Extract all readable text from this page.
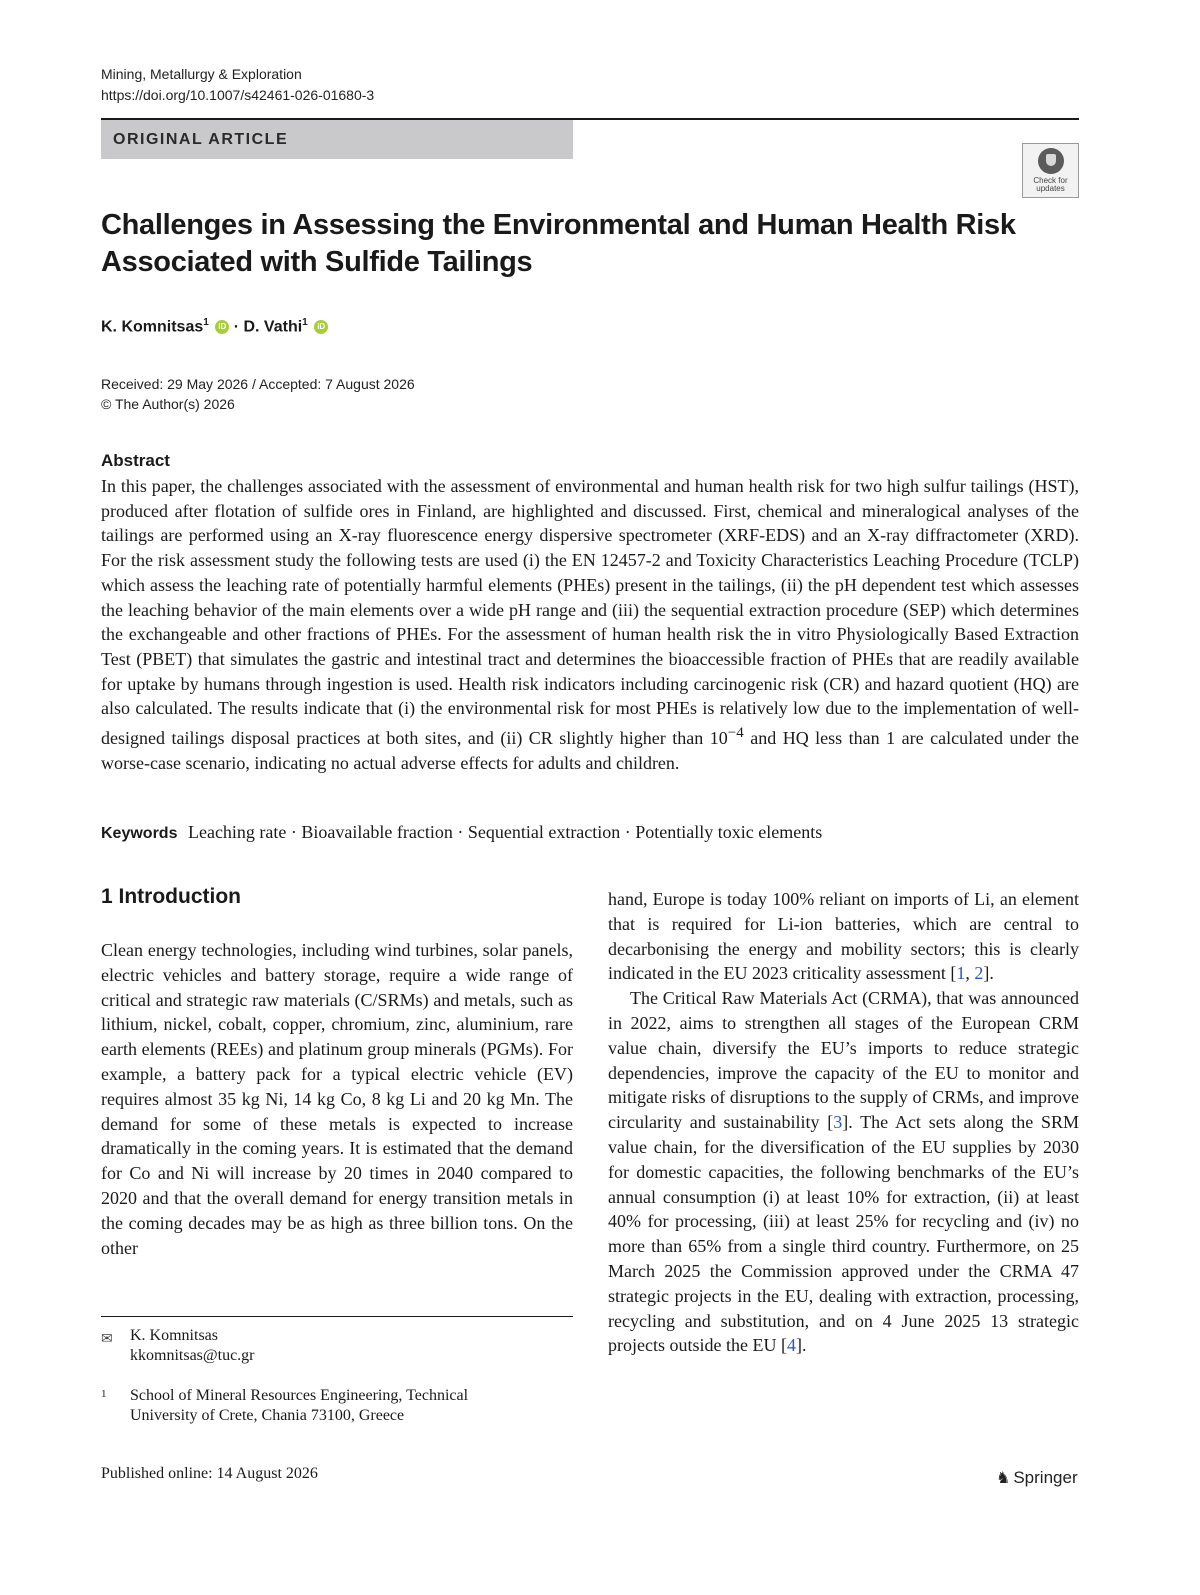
Mining, Metallurgy & Exploration
https://doi.org/10.1007/s42461-026-01680-3
ORIGINAL ARTICLE
Check for
updates
Challenges in Assessing the Environmental and Human Health Risk Associated with Sulfide Tailings
K. Komnitsas$^1$ iD · D. Vathi$^1$ iD
Received: 29 May 2026 / Accepted: 7 August 2026
© The Author(s) 2026
Abstract
In this paper, the challenges associated with the assessment of environmental and human health risk for two high sulfur tailings (HST), produced after flotation of sulfide ores in Finland, are highlighted and discussed. First, chemical and mineralogical analyses of the tailings are performed using an X-ray fluorescence energy dispersive spectrometer (XRF-EDS) and an X-ray diffractometer (XRD). For the risk assessment study the following tests are used (i) the EN 12457-2 and Toxicity Characteristics Leaching Procedure (TCLP) which assess the leaching rate of potentially harmful elements (PHEs) present in the tailings, (ii) the pH dependent test which assesses the leaching behavior of the main elements over a wide pH range and (iii) the sequential extraction procedure (SEP) which determines the exchangeable and other fractions of PHEs. For the assessment of human health risk the in vitro Physiologically Based Extraction Test (PBET) that simulates the gastric and intestinal tract and determines the bioaccessible fraction of PHEs that are readily available for uptake by humans through ingestion is used. Health risk indicators including carcinogenic risk (CR) and hazard quotient (HQ) are also calculated. The results indicate that (i) the environmental risk for most PHEs is relatively low due to the implementation of well-designed tailings disposal practices at both sites, and (ii) CR slightly higher than $10^{-4}$ and HQ less than 1 are calculated under the worse-case scenario, indicating no actual adverse effects for adults and children.
Keywords Leaching rate · Bioavailable fraction · Sequential extraction · Potentially toxic elements
1 Introduction

Clean energy technologies, including wind turbines, solar panels, electric vehicles and battery storage, require a wide range of critical and strategic raw materials (C/SRMs) and metals, such as lithium, nickel, cobalt, copper, chromium, zinc, aluminium, rare earth elements (REEs) and platinum group minerals (PGMs). For example, a battery pack for a typical electric vehicle (EV) requires almost 35 kg Ni, 14 kg Co, 8 kg Li and 20 kg Mn. The demand for some of these metals is expected to increase dramatically in the coming years. It is estimated that the demand for Co and Ni will increase by 20 times in 2040 compared to 2020 and that the overall demand for energy transition metals in the coming decades may be as high as three billion tons. On the other

hand, Europe is today 100% reliant on imports of Li, an element that is required for Li-ion batteries, which are central to decarbonising the energy and mobility sectors; this is clearly indicated in the EU 2023 criticality assessment [1, 2].

The Critical Raw Materials Act (CRMA), that was announced in 2022, aims to strengthen all stages of the European CRM value chain, diversify the EU’s imports to reduce strategic dependencies, improve the capacity of the EU to monitor and mitigate risks of disruptions to the supply of CRMs, and improve circularity and sustainability [3]. The Act sets along the SRM value chain, for the diversification of the EU supplies by 2030 for domestic capacities, the following benchmarks of the EU’s annual consumption (i) at least 10% for extraction, (ii) at least 40% for processing, (iii) at least 25% for recycling and (iv) no more than 65% from a single third country. Furthermore, on 25 March 2025 the Commission approved under the CRMA 47 strategic projects in the EU, dealing with extraction, processing, recycling and substitution, and on 4 June 2025 13 strategic projects outside the EU [4].

✉ K. Komnitsas
kkomnitsas@tuc.gr
1 School of Mineral Resources Engineering, Technical
University of Crete, Chania 73100, Greece
Published online: 14 August 2026	♞ Springer
